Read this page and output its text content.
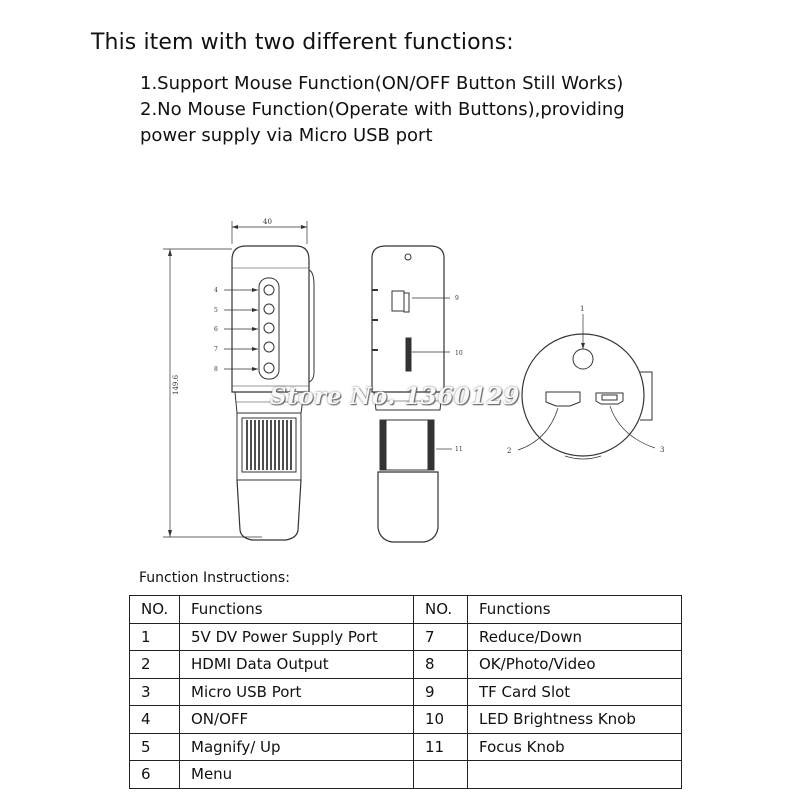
This item with two different functions:
1.Support Mouse Function(ON/OFF Button Still Works)
2.No Mouse Function(Operate with Buttons),providing
power supply via Micro USB port
40
149.6
4
5
6
7
8
9
10
11
1
2	3
Store No. 1360129
Function Instructions:
NO.	Functions	NO.	Functions
1	5V DV Power Supply Port	7	Reduce/Down
2	HDMI Data Output	8	OK/Photo/Video
3	Micro USB Port	9	TF Card Slot
4	ON/OFF	10	LED Brightness Knob
5	Magnify/ Up	11	Focus Knob
6	Menu		
